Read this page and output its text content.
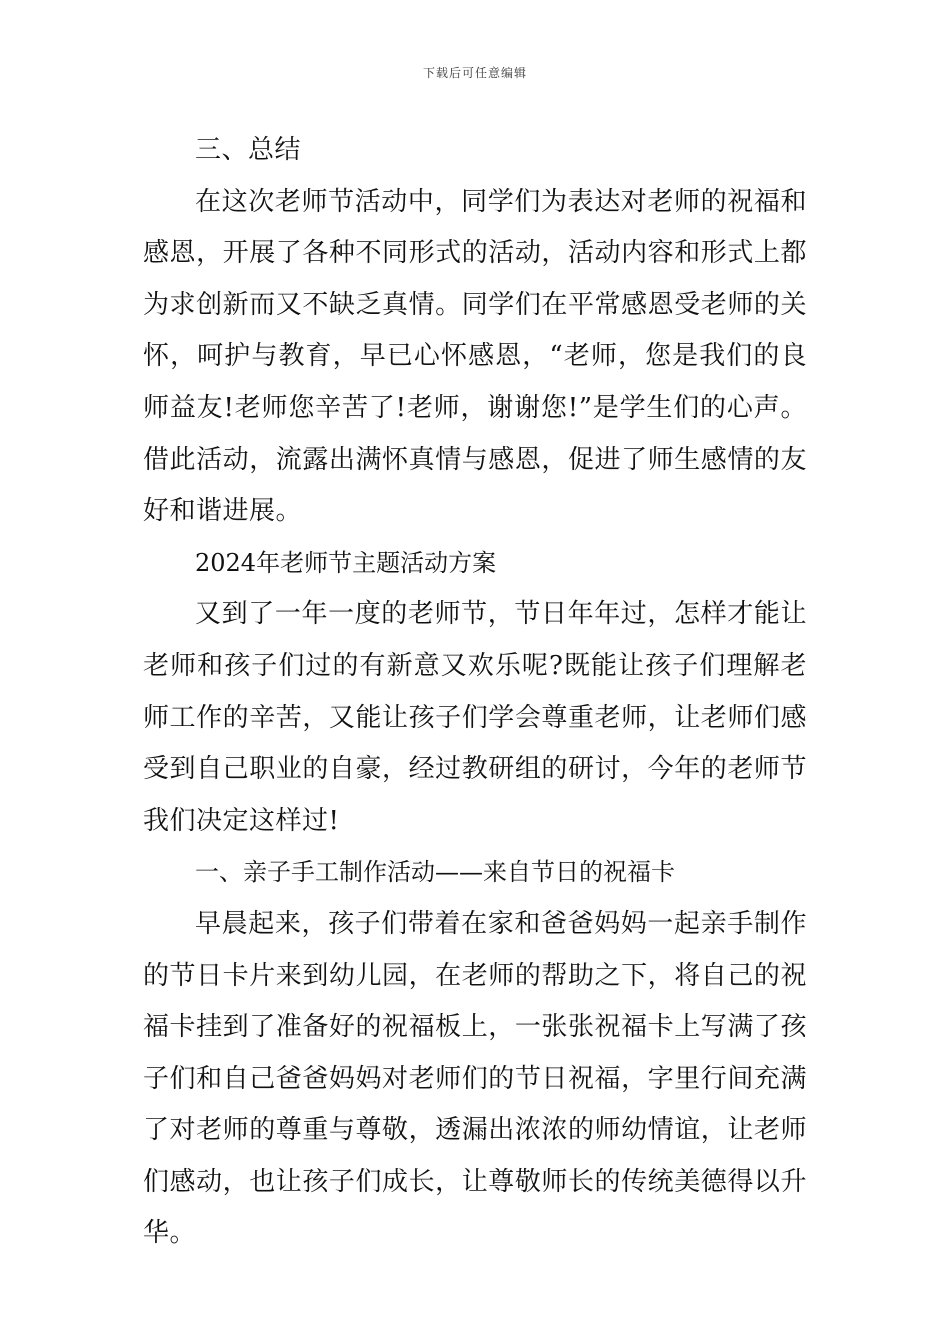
下载后可任意编辑

三、总结

在这次老师节活动中，同学们为表达对老师的祝福和感恩，开展了各种不同形式的活动，活动内容和形式上都为求创新而又不缺乏真情。同学们在平常感恩受老师的关怀，呵护与教育，早已心怀感恩，“老师，您是我们的良师益友!老师您辛苦了!老师，谢谢您!”是学生们的心声。借此活动，流露出满怀真情与感恩，促进了师生感情的友好和谐进展。

2024年老师节主题活动方案

又到了一年一度的老师节，节日年年过，怎样才能让老师和孩子们过的有新意又欢乐呢?既能让孩子们理解老师工作的辛苦，又能让孩子们学会尊重老师，让老师们感受到自己职业的自豪，经过教研组的研讨，今年的老师节我们决定这样过!

一、亲子手工制作活动——来自节日的祝福卡

早晨起来，孩子们带着在家和爸爸妈妈一起亲手制作的节日卡片来到幼儿园，在老师的帮助之下，将自己的祝福卡挂到了准备好的祝福板上，一张张祝福卡上写满了孩子们和自己爸爸妈妈对老师们的节日祝福，字里行间充满了对老师的尊重与尊敬，透漏出浓浓的师幼情谊，让老师们感动，也让孩子们成长，让尊敬师长的传统美德得以升华。
